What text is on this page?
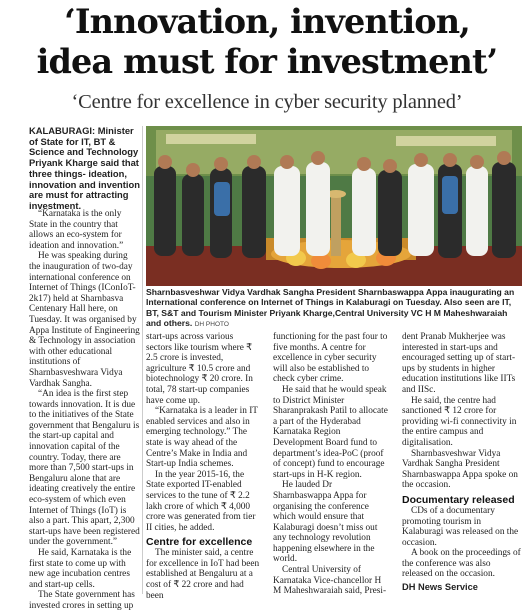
‘Innovation, invention,
idea must for investment’
‘Centre for excellence in cyber security planned’
KALABURAGI: Minister of State for IT, BT & Science and Technology Priyank Kharge said that three things- ideation, innovation and invention are must for attracting investment.

“Karnataka is the only State in the country that allows an eco-system for ideation and innovation.”

He was speaking during the inauguration of two-day international conference on Internet of Things (IConIoT-2k17) held at Sharnbasva Centenary Hall here, on Tuesday. It was organised by Appa Institute of Engineering & Technology in association with other educational institutions of Sharnbasveshwara Vidya Vardhak Sangha.

“An idea is the first step towards innovation. It is due to the initiatives of the State government that Bengaluru is the start-up capital and innovation capital of the country. Today, there are more than 7,500 start-ups in Bengaluru alone that are ideating creatively the entire eco-system of which even Internet of Things (IoT) is also a part. This apart, 2,300 start-ups have been registered under the government.”

He said, Karnataka is the first state to come up with new age incubation centres and start-up cells.

The State government has invested crores in setting up

Sharnbasveshwar Vidya Vardhak Sangha President Sharnbaswappa Appa inaugurating an International conference on Internet of Things in Kalaburagi on Tuesday. Also seen are IT, BT, S&T and Tourism Minister Priyank Kharge,Central University VC H M Maheshwaraiah and others. DH PHOTO

start-ups across various sectors like tourism where ₹ 2.5 crore is invested, agriculture ₹ 10.5 crore and biotechnology ₹ 20 crore. In total, 78 start-up companies have come up.

“Karnataka is a leader in IT enabled services and also in emerging technology.” The state is way ahead of the Centre’s Make in India and Start-up India schemes.

In the year 2015-16, the State exported IT-enabled services to the tune of ₹ 2.2 lakh crore of which ₹ 4,000 crore was generated from tier II cities, he added.

Centre for excellence

The minister said, a centre for excellence in IoT had been established at Bengaluru at a cost of ₹ 22 crore and had been

functioning for the past four to five months. A centre for excellence in cyber security will also be established to check cyber crime.

He said that he would speak to District Minister Sharanprakash Patil to allocate a part of the Hyderabad Karnataka Region Development Board fund to department’s idea-PoC (proof of concept) fund to encourage start-ups in H-K region.

He lauded Dr Sharnbaswappa Appa for organising the conference which would ensure that Kalaburagi doesn’t miss out any technology revolution happening elsewhere in the world.

Central University of Karnataka Vice-chancellor H M Maheshwaraiah said, Presi-

dent Pranab Mukherjee was interested in start-ups and encouraged setting up of start-ups by students in higher education institutions like IITs and IISc.

He said, the centre had sanctioned ₹ 12 crore for providing wi-fi connectivity in the entire campus and digitalisation.

Sharnbasveshwar Vidya Vardhak Sangha President Sharnbaswappa Appa spoke on the occasion.

Documentary released

CDs of a documentary promoting tourism in Kalaburagi was released on the occasion.

A book on the proceedings of the conference was also released on the occasion.

DH News Service
